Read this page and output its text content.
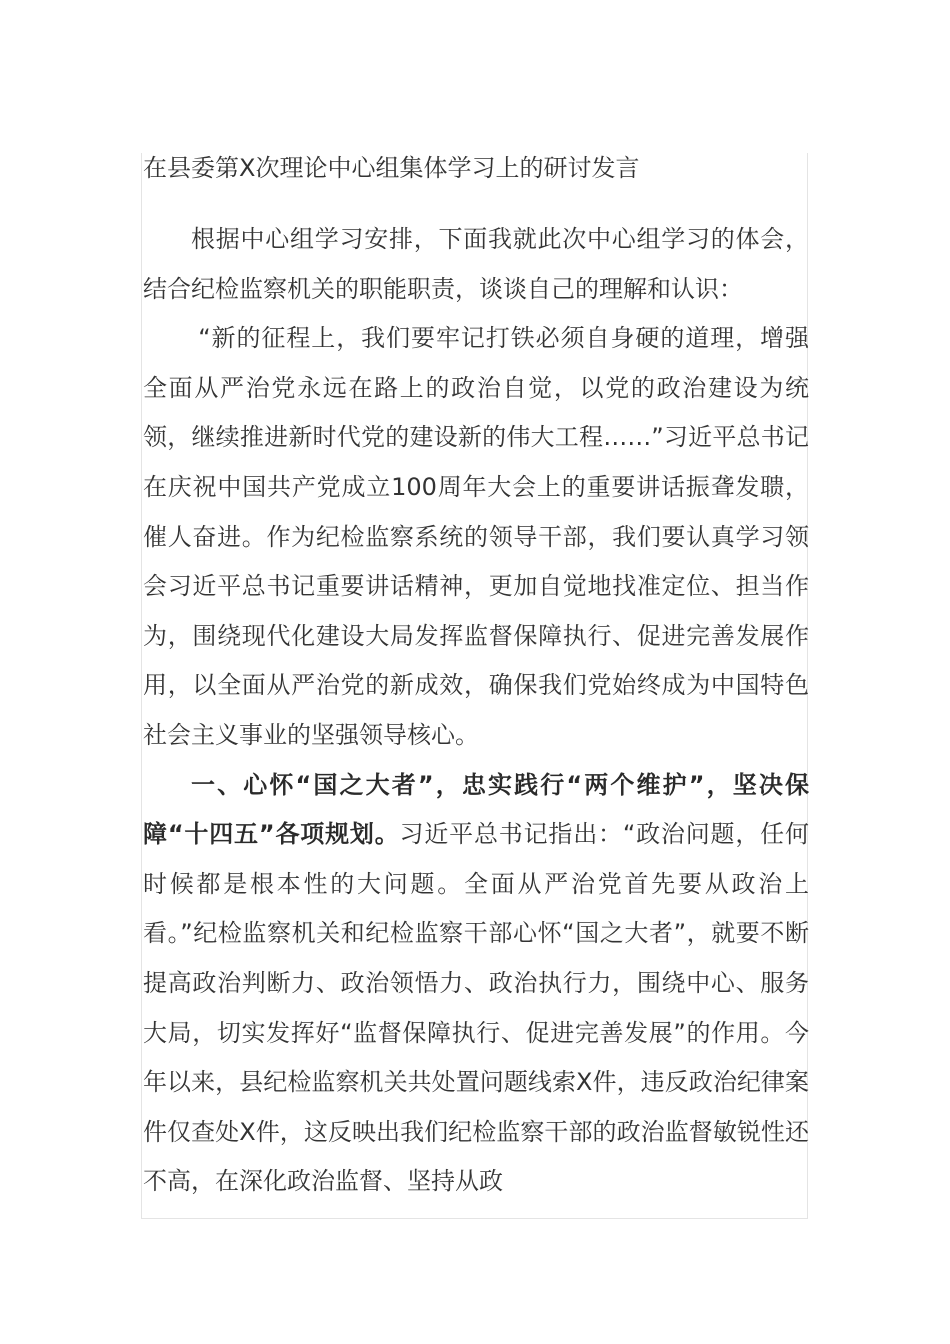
在县委第X次理论中心组集体学习上的研讨发言

根据中心组学习安排，下面我就此次中心组学习的体会，结合纪检监察机关的职能职责，谈谈自己的理解和认识：

“新的征程上，我们要牢记打铁必须自身硬的道理，增强全面从严治党永远在路上的政治自觉，以党的政治建设为统领，继续推进新时代党的建设新的伟大工程……”习近平总书记在庆祝中国共产党成立100周年大会上的重要讲话振聋发聩，催人奋进。作为纪检监察系统的领导干部，我们要认真学习领会习近平总书记重要讲话精神，更加自觉地找准定位、担当作为，围绕现代化建设大局发挥监督保障执行、促进完善发展作用，以全面从严治党的新成效，确保我们党始终成为中国特色社会主义事业的坚强领导核心。

一、心怀“国之大者”，忠实践行“两个维护”，坚决保障“十四五”各项规划。习近平总书记指出：“政治问题，任何时候都是根本性的大问题。全面从严治党首先要从政治上看。”纪检监察机关和纪检监察干部心怀“国之大者”，就要不断提高政治判断力、政治领悟力、政治执行力，围绕中心、服务大局，切实发挥好“监督保障执行、促进完善发展”的作用。今年以来，县纪检监察机关共处置问题线索X件，违反政治纪律案件仅查处X件，这反映出我们纪检监察干部的政治监督敏锐性还不高，在深化政治监督、坚持从政
